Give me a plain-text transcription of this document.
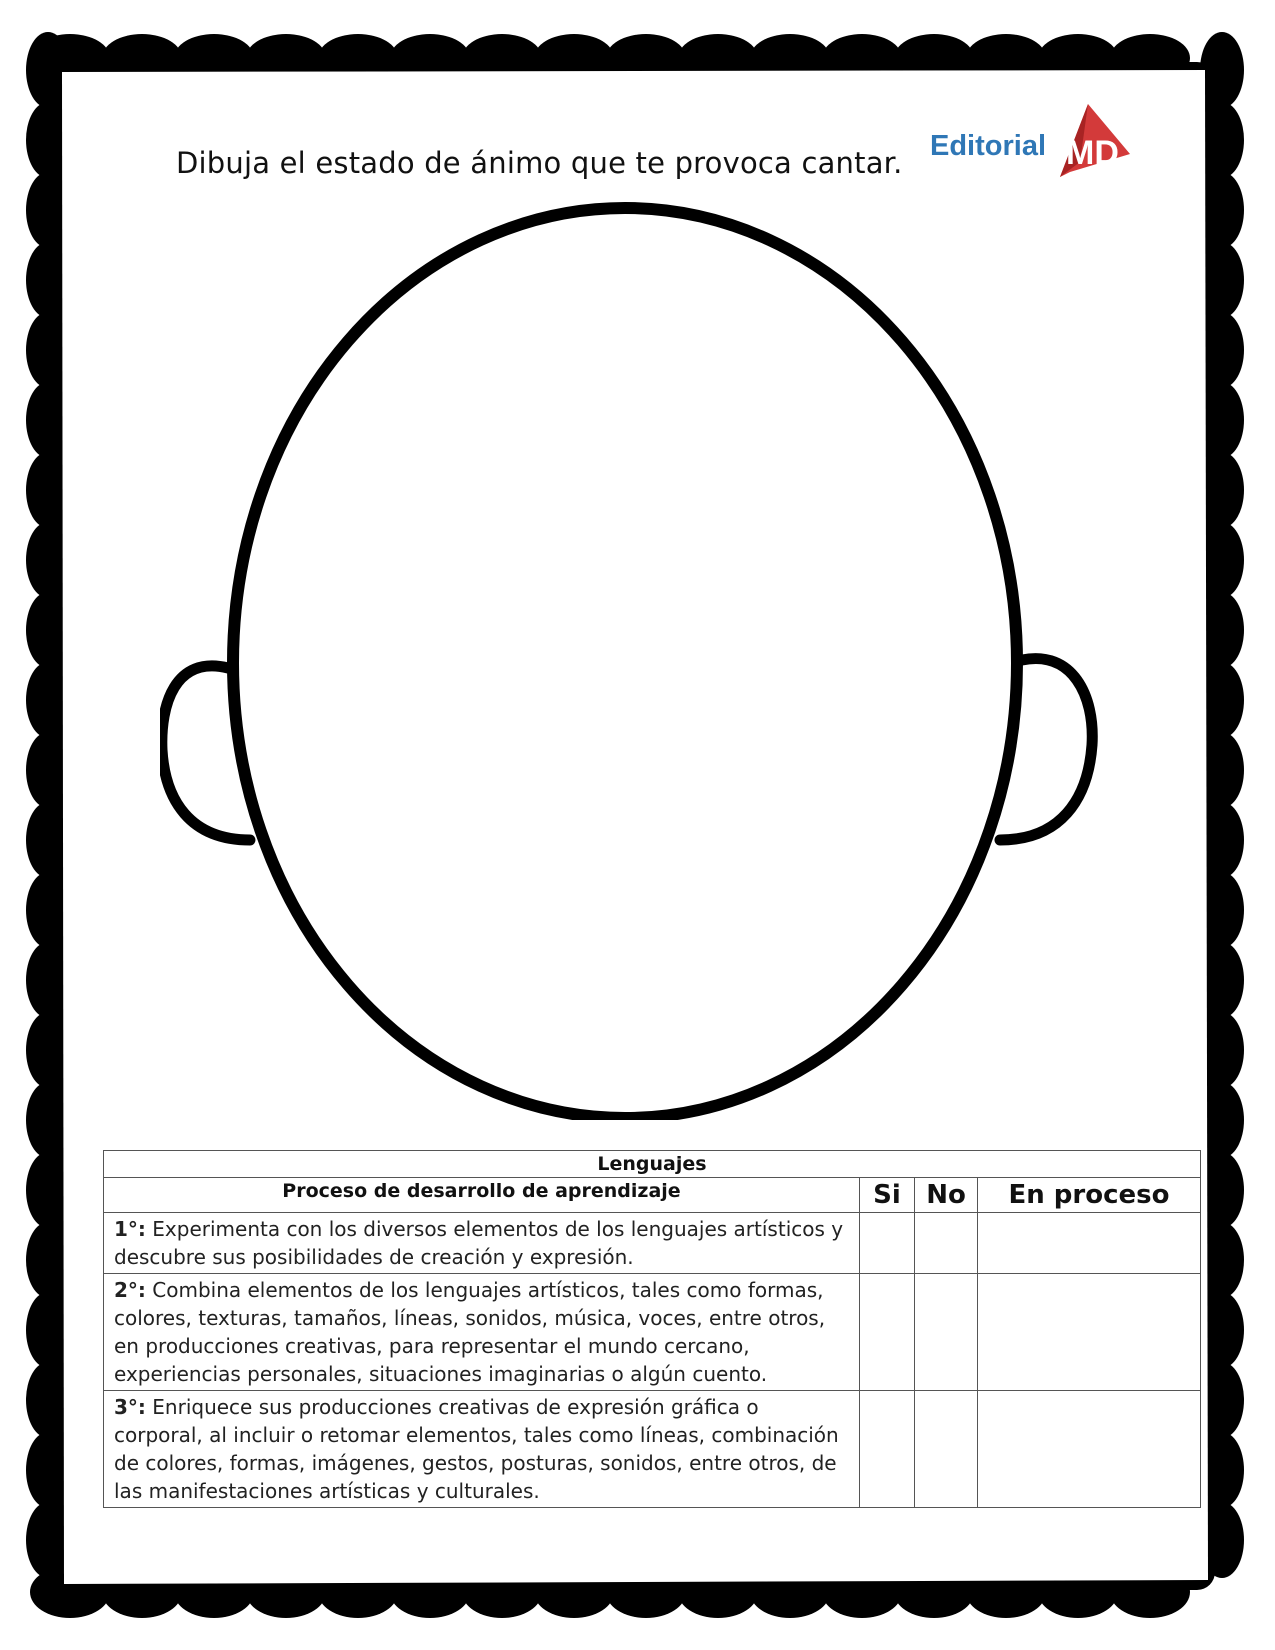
Dibuja el estado de ánimo que te provoca cantar. Editorial MD
Lenguajes			
Proceso de desarrollo de aprendizaje	Si	No	En proceso
1°: Experimenta con los diversos elementos de los lenguajes artísticos y descubre sus posibilidades de creación y expresión.			
2°: Combina elementos de los lenguajes artísticos, tales como formas, colores, texturas, tamaños, líneas, sonidos, música, voces, entre otros, en producciones creativas, para representar el mundo cercano, experiencias personales, situaciones imaginarias o algún cuento.			
3°: Enriquece sus producciones creativas de expresión gráfica o corporal, al incluir o retomar elementos, tales como líneas, combinación de colores, formas, imágenes, gestos, posturas, sonidos, entre otros, de las manifestaciones artísticas y culturales.			
